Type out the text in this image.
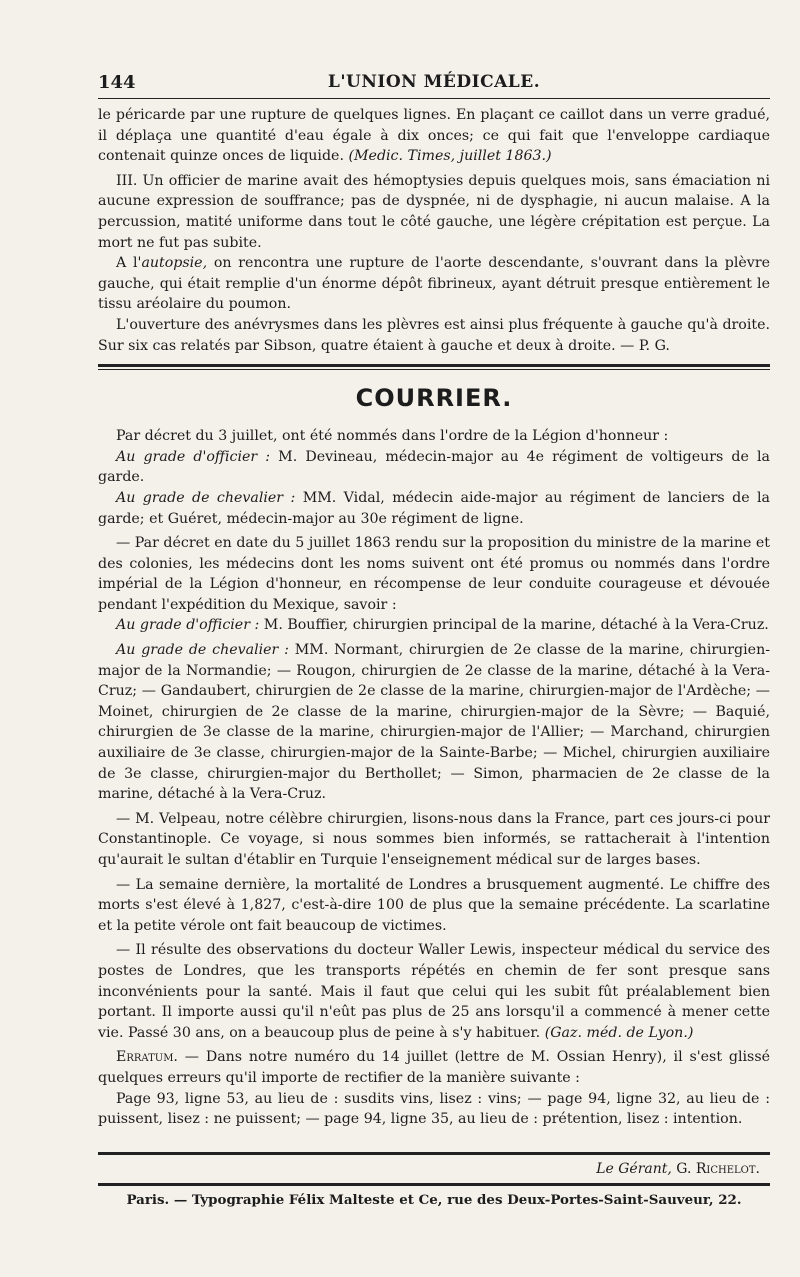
144	L'UNION MÉDICALE.

le péricarde par une rupture de quelques lignes. En plaçant ce caillot dans un verre gradué, il déplaça une quantité d'eau égale à dix onces; ce qui fait que l'enveloppe cardiaque contenait quinze onces de liquide. (Medic. Times, juillet 1863.)

III. Un officier de marine avait des hémoptysies depuis quelques mois, sans émaciation ni aucune expression de souffrance; pas de dyspnée, ni de dysphagie, ni aucun malaise. A la percussion, matité uniforme dans tout le côté gauche, une légère crépitation est perçue. La mort ne fut pas subite.

A l'autopsie, on rencontra une rupture de l'aorte descendante, s'ouvrant dans la plèvre gauche, qui était remplie d'un énorme dépôt fibrineux, ayant détruit presque entièrement le tissu aréolaire du poumon.

L'ouverture des anévrysmes dans les plèvres est ainsi plus fréquente à gauche qu'à droite. Sur six cas relatés par Sibson, quatre étaient à gauche et deux à droite. — P. G.

COURRIER.

Par décret du 3 juillet, ont été nommés dans l'ordre de la Légion d'honneur :

Au grade d'officier : M. Devineau, médecin-major au 4e régiment de voltigeurs de la garde.

Au grade de chevalier : MM. Vidal, médecin aide-major au régiment de lanciers de la garde; et Guéret, médecin-major au 30e régiment de ligne.

— Par décret en date du 5 juillet 1863 rendu sur la proposition du ministre de la marine et des colonies, les médecins dont les noms suivent ont été promus ou nommés dans l'ordre impérial de la Légion d'honneur, en récompense de leur conduite courageuse et dévouée pendant l'expédition du Mexique, savoir :

Au grade d'officier : M. Bouffier, chirurgien principal de la marine, détaché à la Vera-Cruz.

Au grade de chevalier : MM. Normant, chirurgien de 2e classe de la marine, chirurgien-major de la Normandie; — Rougon, chirurgien de 2e classe de la marine, détaché à la Vera-Cruz; — Gandaubert, chirurgien de 2e classe de la marine, chirurgien-major de l'Ardèche; — Moinet, chirurgien de 2e classe de la marine, chirurgien-major de la Sèvre; — Baquié, chirurgien de 3e classe de la marine, chirurgien-major de l'Allier; — Marchand, chirurgien auxiliaire de 3e classe, chirurgien-major de la Sainte-Barbe; — Michel, chirurgien auxiliaire de 3e classe, chirurgien-major du Berthollet; — Simon, pharmacien de 2e classe de la marine, détaché à la Vera-Cruz.

— M. Velpeau, notre célèbre chirurgien, lisons-nous dans la France, part ces jours-ci pour Constantinople. Ce voyage, si nous sommes bien informés, se rattacherait à l'intention qu'aurait le sultan d'établir en Turquie l'enseignement médical sur de larges bases.

— La semaine dernière, la mortalité de Londres a brusquement augmenté. Le chiffre des morts s'est élevé à 1,827, c'est-à-dire 100 de plus que la semaine précédente. La scarlatine et la petite vérole ont fait beaucoup de victimes.

— Il résulte des observations du docteur Waller Lewis, inspecteur médical du service des postes de Londres, que les transports répétés en chemin de fer sont presque sans inconvénients pour la santé. Mais il faut que celui qui les subit fût préalablement bien portant. Il importe aussi qu'il n'eût pas plus de 25 ans lorsqu'il a commencé à mener cette vie. Passé 30 ans, on a beaucoup plus de peine à s'y habituer. (Gaz. méd. de Lyon.)

Erratum. — Dans notre numéro du 14 juillet (lettre de M. Ossian Henry), il s'est glissé quelques erreurs qu'il importe de rectifier de la manière suivante :

Page 93, ligne 53, au lieu de : susdits vins, lisez : vins; — page 94, ligne 32, au lieu de : puissent, lisez : ne puissent; — page 94, ligne 35, au lieu de : prétention, lisez : intention.

Le Gérant, G. Richelot.
Paris. — Typographie Félix Malteste et Ce, rue des Deux-Portes-Saint-Sauveur, 22.
